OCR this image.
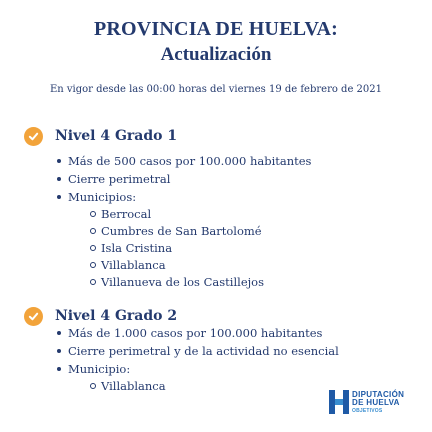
PROVINCIA DE HUELVA:
Actualización
En vigor desde las 00:00 horas del viernes 19 de febrero de 2021
Nivel 4 Grado 1
Más de 500 casos por 100.000 habitantes
Cierre perimetral
Municipios:
Berrocal
Cumbres de San Bartolomé
Isla Cristina
Villablanca
Villanueva de los Castillejos
Nivel 4 Grado 2
Más de 1.000 casos por 100.000 habitantes
Cierre perimetral y de la actividad no esencial
Municipio:
Villablanca
DIPUTACIÓN
DE HUELVA
OBJETIVOS
